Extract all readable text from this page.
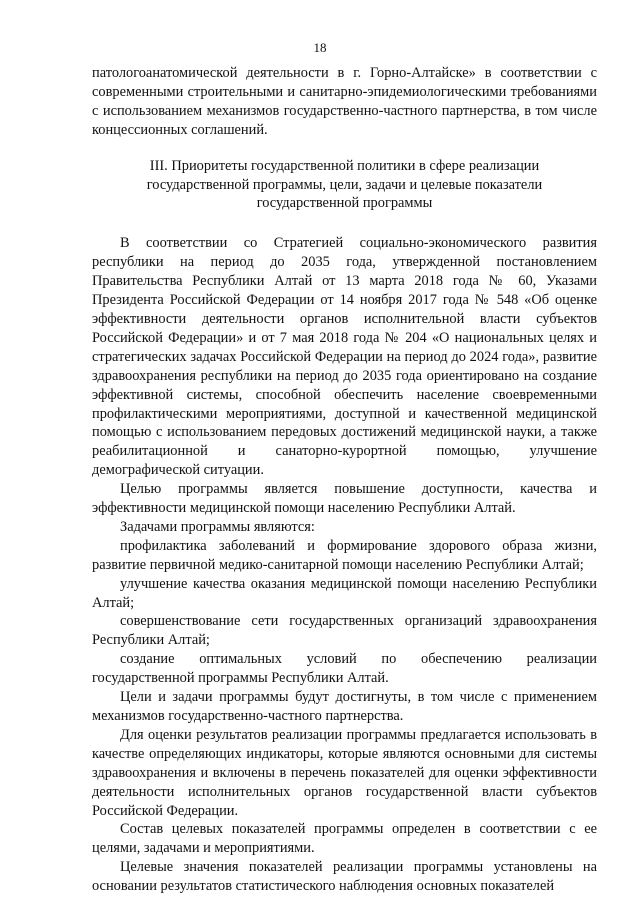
18

патологоанатомической деятельности в г. Горно-Алтайске» в соответствии с современными строительными и санитарно-эпидемиологическими требованиями с использованием механизмов государственно-частного партнерства, в том числе концессионных соглашений.

III. Приоритеты государственной политики в сфере реализации
государственной программы, цели, задачи и целевые показатели
государственной программы

В соответствии со Стратегией социально-экономического развития республики на период до 2035 года, утвержденной постановлением Правительства Республики Алтай от 13 марта 2018 года № 60, Указами Президента Российской Федерации от 14 ноября 2017 года № 548 «Об оценке эффективности деятельности органов исполнительной власти субъектов Российской Федерации» и от 7 мая 2018 года № 204 «О национальных целях и стратегических задачах Российской Федерации на период до 2024 года», развитие здравоохранения республики на период до 2035 года ориентировано на создание эффективной системы, способной обеспечить население своевременными профилактическими мероприятиями, доступной и качественной медицинской помощью с использованием передовых достижений медицинской науки, а также реабилитационной и санаторно-курортной помощью, улучшение демографической ситуации.

Целью программы является повышение доступности, качества и эффективности медицинской помощи населению Республики Алтай.

Задачами программы являются:

профилактика заболеваний и формирование здорового образа жизни, развитие первичной медико-санитарной помощи населению Республики Алтай;

улучшение качества оказания медицинской помощи населению Республики Алтай;

совершенствование сети государственных организаций здравоохранения Республики Алтай;

создание оптимальных условий по обеспечению реализации государственной программы Республики Алтай.

Цели и задачи программы будут достигнуты, в том числе с применением механизмов государственно-частного партнерства.

Для оценки результатов реализации программы предлагается использовать в качестве определяющих индикаторы, которые являются основными для системы здравоохранения и включены в перечень показателей для оценки эффективности деятельности исполнительных органов государственной власти субъектов Российской Федерации.

Состав целевых показателей программы определен в соответствии с ее целями, задачами и мероприятиями.

Целевые значения показателей реализации программы установлены на основании результатов статистического наблюдения основных показателей
